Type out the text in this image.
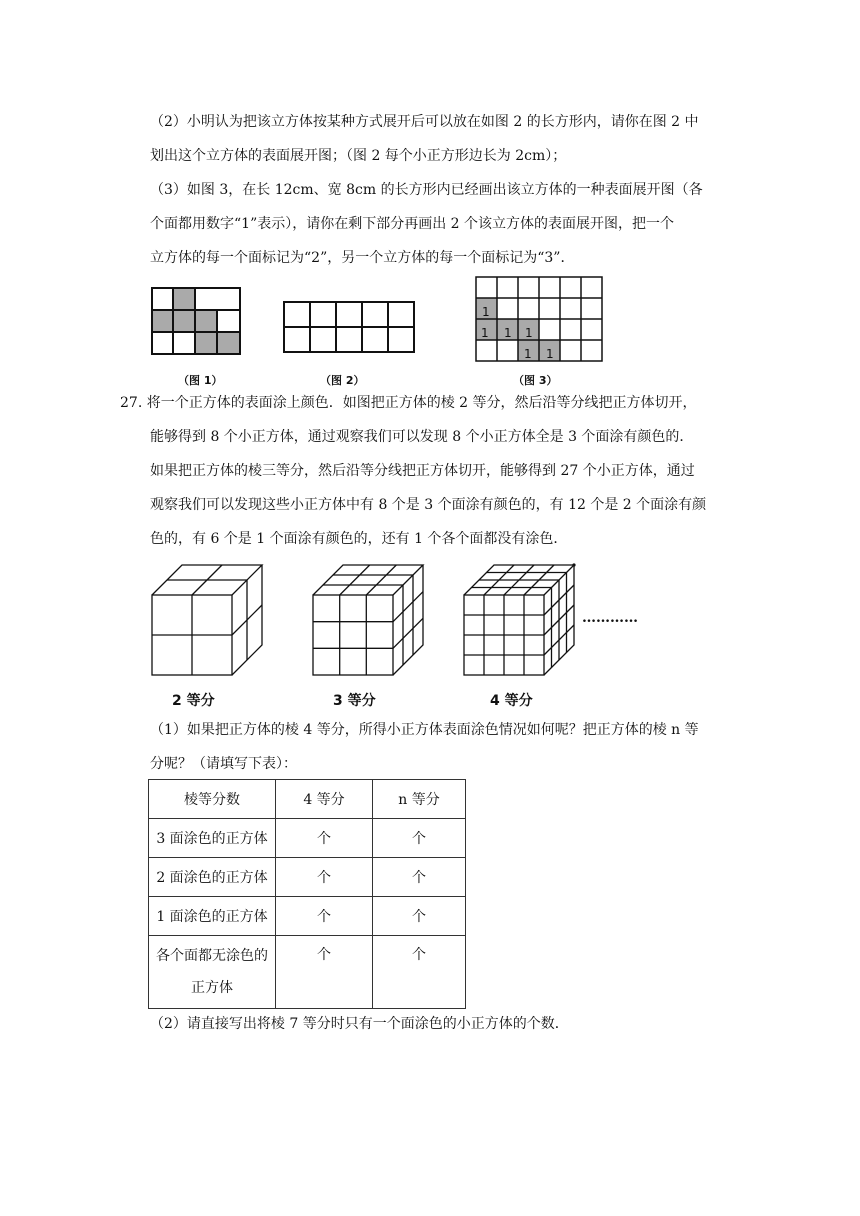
（2）小明认为把该立方体按某种方式展开后可以放在如图 2 的长方形内，请你在图 2 中
划出这个立方体的表面展开图；（图 2 每个小正方形边长为 2cm）；
（3）如图 3，在长 12cm、宽 8cm 的长方形内已经画出该立方体的一种表面展开图（各
个面都用数字“1”表示），请你在剩下部分再画出 2 个该立方体的表面展开图，把一个
立方体的每一个面标记为“2”，另一个立方体的每一个面标记为“3”．
（图 1）	（图 2）
1
1 1 1
1 1
（图 3）
27. 将一个正方体的表面涂上颜色．如图把正方体的棱 2 等分，然后沿等分线把正方体切开，
能够得到 8 个小正方体，通过观察我们可以发现 8 个小正方体全是 3 个面涂有颜色的．
如果把正方体的棱三等分，然后沿等分线把正方体切开，能够得到 27 个小正方体，通过
观察我们可以发现这些小正方体中有 8 个是 3 个面涂有颜色的，有 12 个是 2 个面涂有颜
色的，有 6 个是 1 个面涂有颜色的，还有 1 个各个面都没有涂色．
…………
2 等分	3 等分	4 等分
（1）如果把正方体的棱 4 等分，所得小正方体表面涂色情况如何呢？把正方体的棱 n 等
分呢？（请填写下表）：
棱等分数	4 等分	n 等分
3 面涂色的正方体	个	个
2 面涂色的正方体	个	个
1 面涂色的正方体	个	个

各个面都无涂色的
正方体	个	个
（2）请直接写出将棱 7 等分时只有一个面涂色的小正方体的个数．
